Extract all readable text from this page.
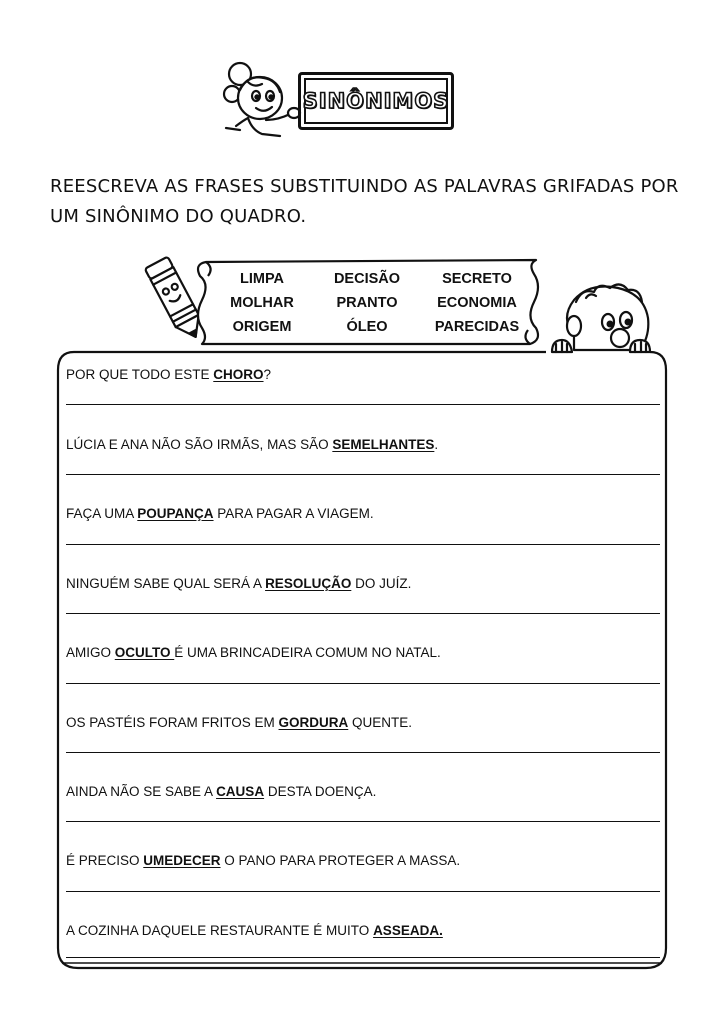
SINÔNIMOS

REESCREVA AS FRASES SUBSTITUINDO AS PALAVRAS GRIFADAS POR UM SINÔNIMO DO QUADRO.

LIMPA	DECISÃO	SECRETO
MOLHAR	PRANTO	ECONOMIA
ORIGEM	ÓLEO	PARECIDAS
POR QUE TODO ESTE CHORO?
LÚCIA E ANA NÃO SÃO IRMÃS, MAS SÃO SEMELHANTES.
FAÇA UMA POUPANÇA PARA PAGAR A VIAGEM.
NINGUÉM SABE QUAL SERÁ A RESOLUÇÃO DO JUÍZ.
AMIGO OCULTO É UMA BRINCADEIRA COMUM NO NATAL.
OS PASTÉIS FORAM FRITOS EM GORDURA QUENTE.
AINDA NÃO SE SABE A CAUSA DESTA DOENÇA.
É PRECISO UMEDECER O PANO PARA PROTEGER A MASSA.
A COZINHA DAQUELE RESTAURANTE É MUITO ASSEADA.
